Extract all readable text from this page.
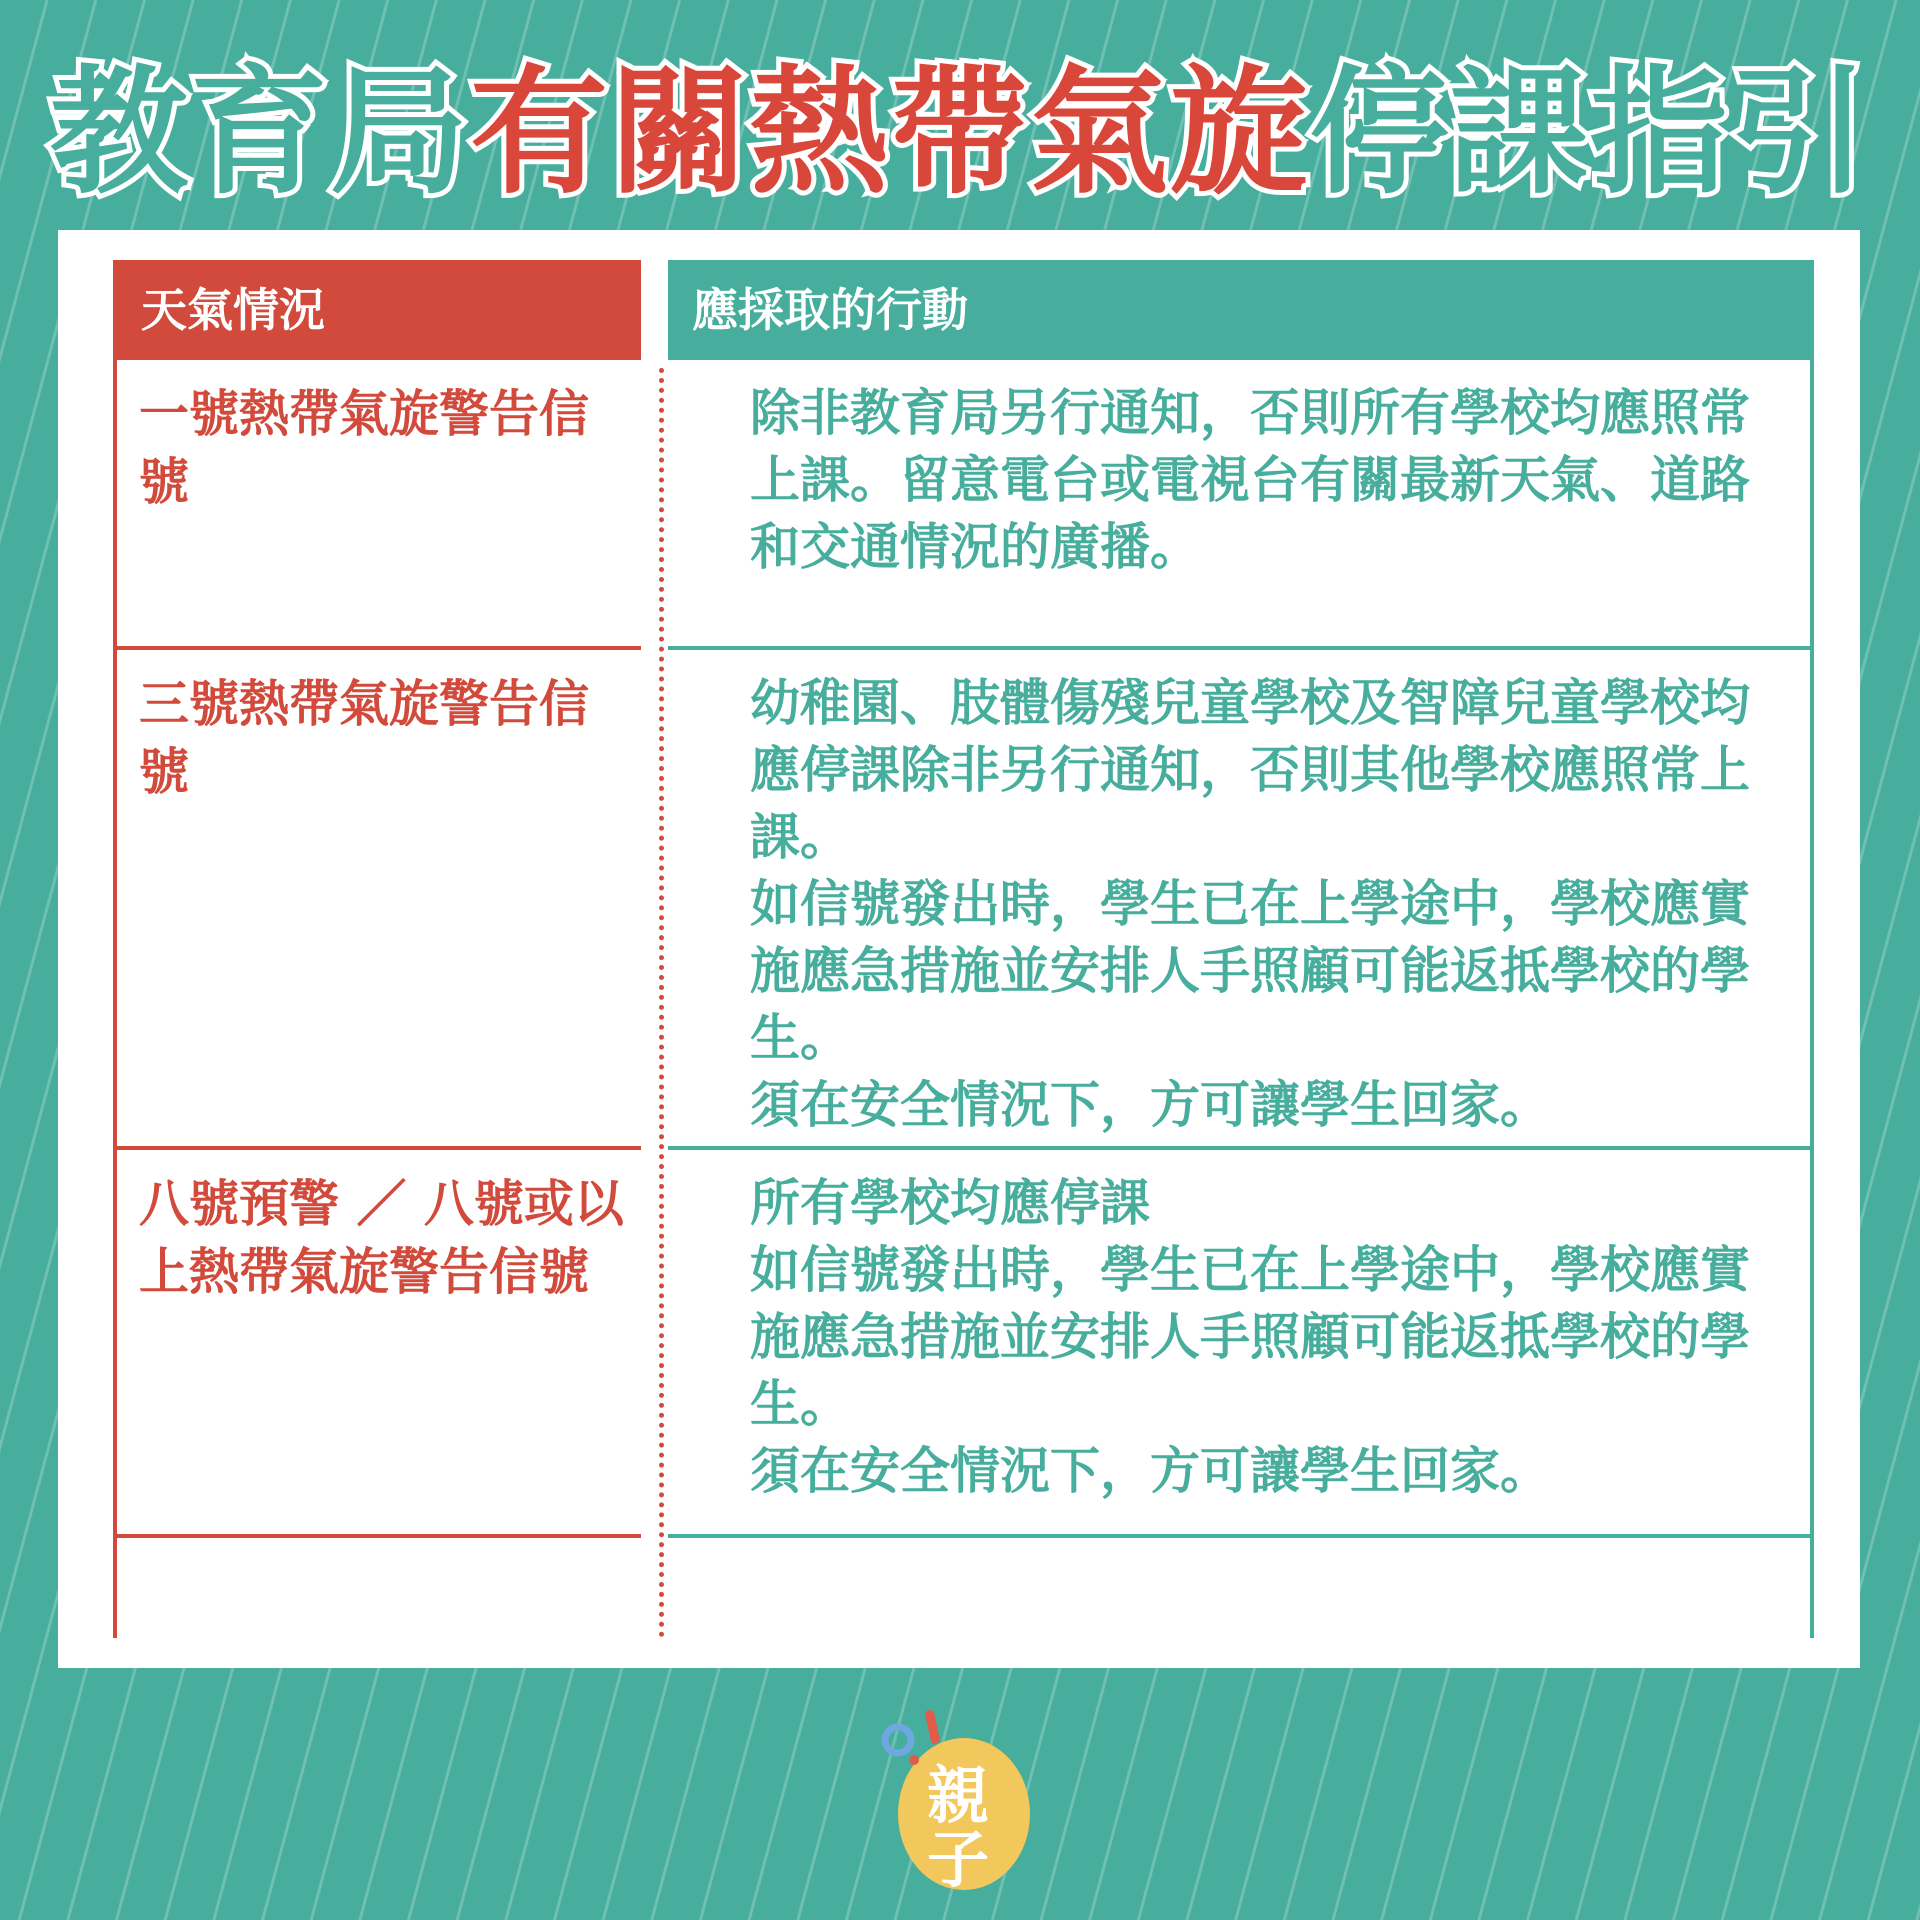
教育局有關熱帶氣旋停課指引
天氣情況
一號熱帶氣旋警告信號
三號熱帶氣旋警告信號
八號預警 ／ 八號或以上熱帶氣旋警告信號
應採取的行動
除非教育局另行通知，否則所有學校均應照常上課。留意電台或電視台有關最新天氣、道路和交通情況的廣播。
幼稚園、肢體傷殘兒童學校及智障兒童學校均應停課除非另行通知，否則其他學校應照常上課。
如信號發出時，學生已在上學途中，學校應實施應急措施並安排人手照顧可能返抵學校的學生。
須在安全情況下，方可讓學生回家。
所有學校均應停課
如信號發出時，學生已在上學途中，學校應實施應急措施並安排人手照顧可能返抵學校的學生。
須在安全情況下，方可讓學生回家。
親
子
